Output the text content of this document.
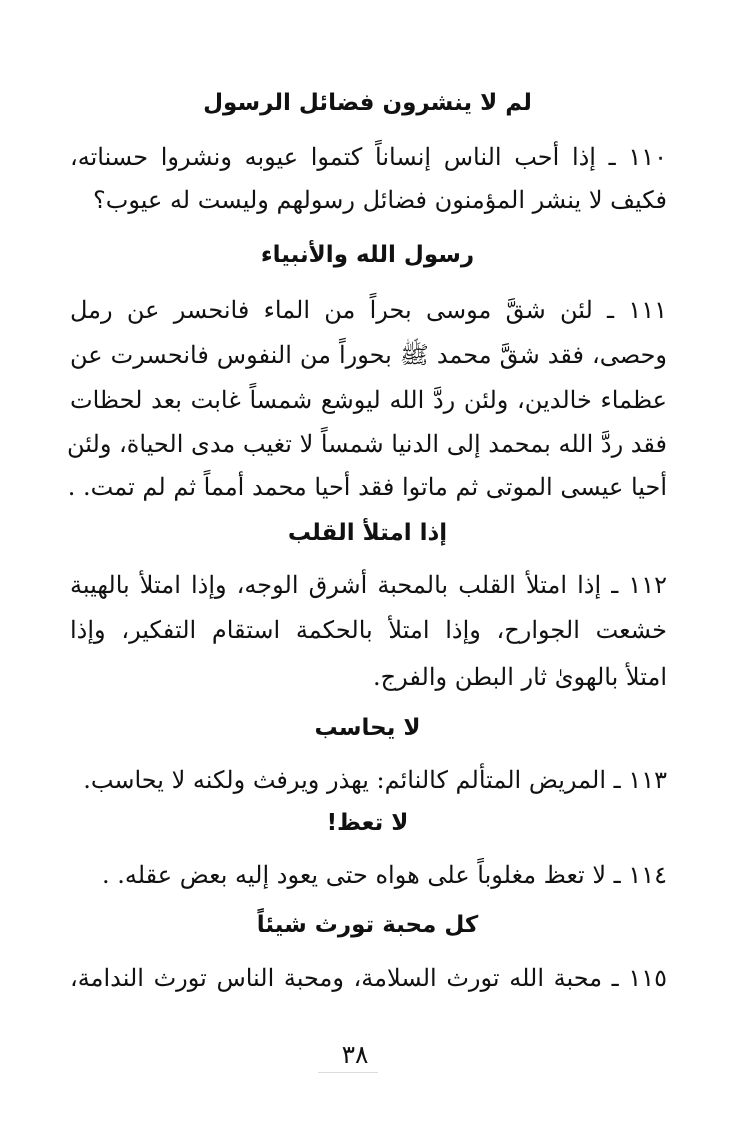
لم لا ينشرون فضائل الرسول
١١٠ ـ إذا أحب الناس إنساناً كتموا عيوبه ونشروا حسناته،
فكيف لا ينشر المؤمنون فضائل رسولهم وليست له عيوب؟
رسول الله والأنبياء
١١١ ـ لئن شقَّ موسى بحراً من الماء فانحسر عن رمل
وحصى، فقد شقَّ محمد ﷺ بحوراً من النفوس فانحسرت عن
عظماء خالدين، ولئن ردَّ الله ليوشع شمساً غابت بعد لحظات
فقد ردَّ الله بمحمد إلى الدنيا شمساً لا تغيب مدى الحياة، ولئن
أحيا عيسى الموتى ثم ماتوا فقد أحيا محمد أمماً ثم لم تمت. .
إذا امتلأ القلب
١١٢ ـ إذا امتلأ القلب بالمحبة أشرق الوجه، وإذا امتلأ بالهيبة
خشعت الجوارح، وإذا امتلأ بالحكمة استقام التفكير، وإذا
امتلأ بالهوىٰ ثار البطن والفرج.
لا يحاسب
١١٣ ـ المريض المتألم كالنائم: يهذر ويرفث ولكنه لا يحاسب.
لا تعظ!
١١٤ ـ لا تعظ مغلوباً على هواه حتى يعود إليه بعض عقله. .
كل محبة تورث شيئاً
١١٥ ـ محبة الله تورث السلامة، ومحبة الناس تورث الندامة،
٣٨
